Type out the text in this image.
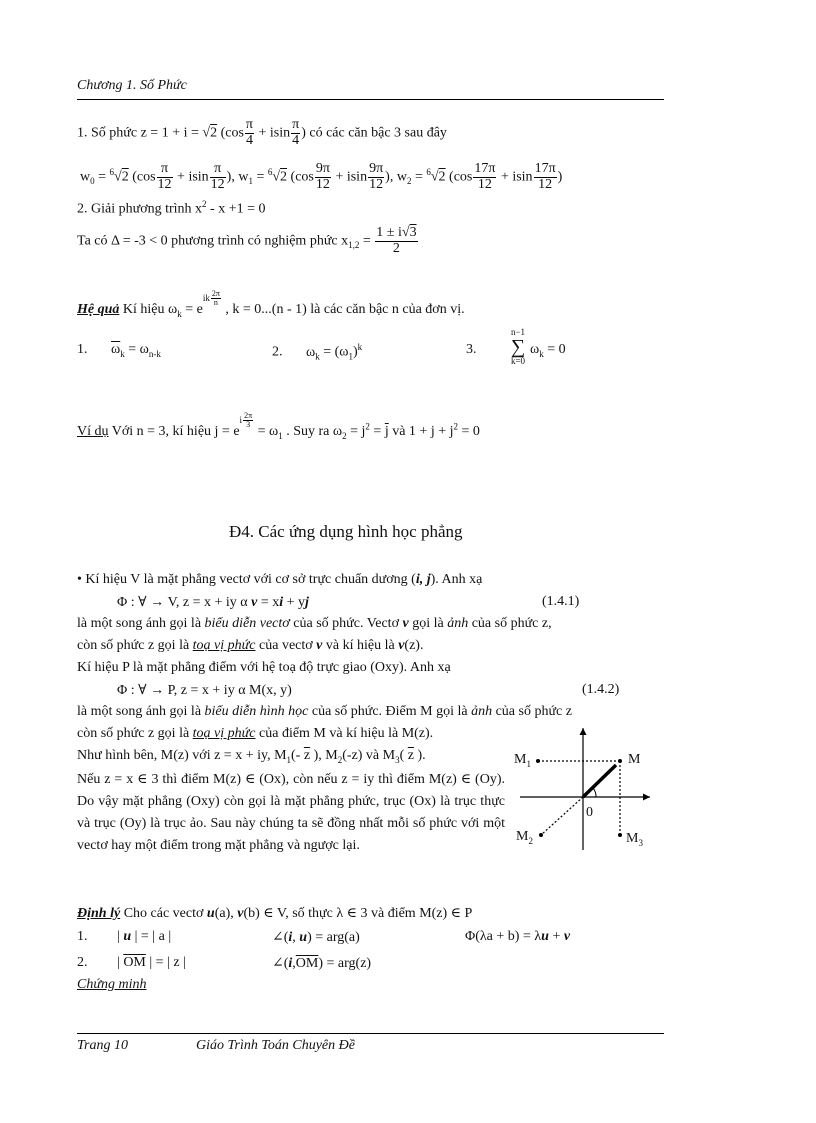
Chương 1. Số Phức
1. Số phức z = 1 + i = √2 ($\cos \frac{\pi}{4} + isin \frac{\pi}{4}$ ) có các căn bậc 3 sau đây
$w_0 = ^6√2$ ($\cos \frac{\pi}{12} + isin \frac{\pi}{12}$ ), $w_1 = ^6√2$ ($\cos \frac{9\pi}{12} + isin \frac{9\pi}{12}$ ), $w_2 = ^6√2$ ($\cos \frac{17\pi}{12} + isin \frac{17\pi}{12}$ )
2. Giải phương trình $x^2 - x +1 = 0$
Ta có Δ = -3 < 0 phương trình có nghiệm phức $x_{1,2} = \frac{1 \pm i√3}{2}$
Hệ quả Kí hiệu $\omega_k$ = eik $\frac{2\pi}{n}$
, k = 0...(n - 1) là các căn bậc n của đơn vị.
1. $\overline{\omega}_k = \omega_{n-k}$	2. $\omega_k = (\omega_1)^k$	3.
n−1
∑
k=0
$\omega_k = 0$
Ví dụ Với n = 3, kí hiệu j = ei $\frac{2\pi}{3}$
= $\omega_1$ . Suy ra $\omega_2 = j^2 = \overline{j}$ và $1 + j + j^2 = 0$
Đ4. Các ứng dụng hình học phẳng
• Kí hiệu V là mặt phẳng vectơ với cơ sở trực chuẩn dương (i, j). Anh xạ
Φ : ∀ → V, z = x + iy α v = xi + yj	(1.4.1)
là một song ánh gọi là biểu diễn vectơ của số phức. Vectơ v gọi là ảnh của số phức z,
còn số phức z gọi là toạ vị phức của vectơ v và kí hiệu là v(z).
Kí hiệu P là mặt phẳng điểm với hệ toạ độ trực giao (Oxy). Anh xạ
Φ : ∀ → P, z = x + iy α M(x, y)	(1.4.2)
là một song ánh gọi là biểu diễn hình học của số phức. Điểm M gọi là ảnh của số phức z
còn số phức z gọi là toạ vị phức của điểm M và kí hiệu là M(z).
Như hình bên, M(z) với z = x + iy, $M_1(-$ $\overline{z}$ ), $M_2(-z)$ và $M_3$( $\overline{z}$ ).
Nếu z = x ∈ 3 thì điểm M(z) ∈ (Ox), còn nếu z = iy thì điểm M(z) ∈ (Oy). Do vậy mặt phẳng (Oxy) còn gọi là mặt phẳng phức, trục (Ox) là trục thực và trục (Oy) là trục ảo. Sau này chúng ta sẽ đồng nhất mỗi số phức với một vectơ hay một điểm trong mặt phẳng và ngược lại.
$M_1$	M
0
$M_2$	$M_3$
Định lý Cho các vectơ u(a), v(b) ∈ V, số thực λ ∈ 3 và điểm M(z) ∈ P
1. | u | = | a |	∠(i, u) = arg(a)	Φ(λa + b) = λu + v
2. | $\overline{OM}$ | = | z |	$\angle(i,\overline{OM}) = arg(z)$
Chứng minh
Trang 10	Giáo Trình Toán Chuyên Đề
